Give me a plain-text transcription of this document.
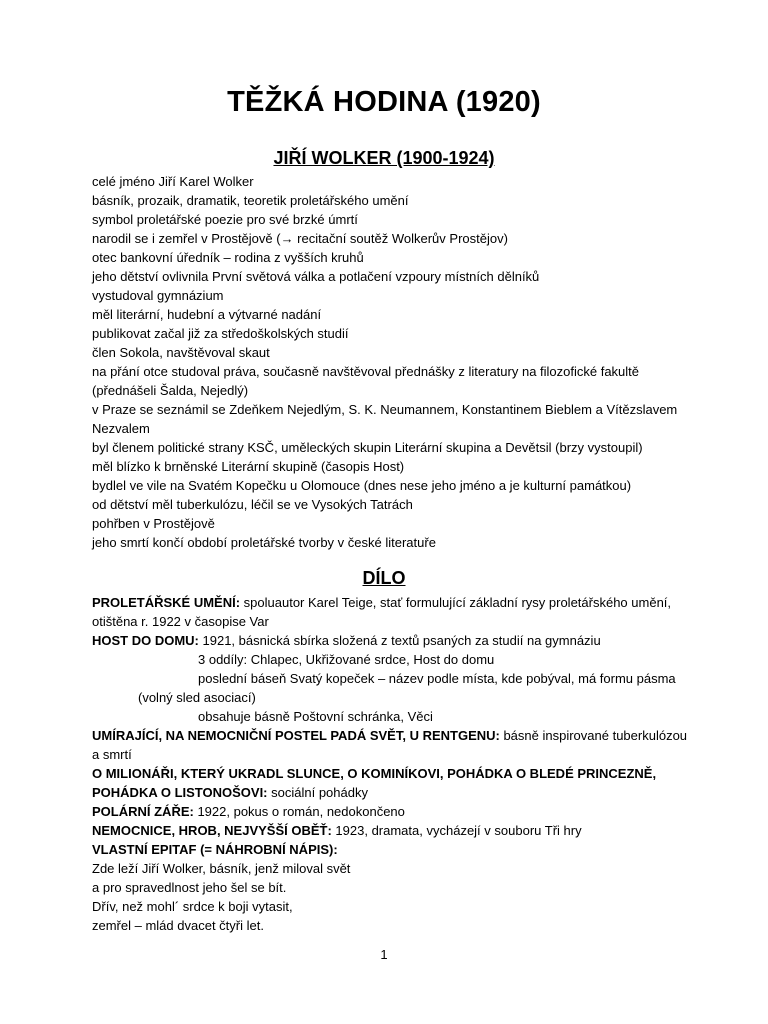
TĚŽKÁ HODINA (1920)
JIŘÍ WOLKER (1900-1924)
celé jméno Jiří Karel Wolker
básník, prozaik, dramatik, teoretik proletářského umění
symbol proletářské poezie pro své brzké úmrtí
narodil se i zemřel v Prostějově (→ recitační soutěž Wolkerův Prostějov)
otec bankovní úředník – rodina z vyšších kruhů
jeho dětství ovlivnila První světová válka a potlačení vzpoury místních dělníků
vystudoval gymnázium
měl literární, hudební a výtvarné nadání
publikovat začal již za středoškolských studií
člen Sokola, navštěvoval skaut
na přání otce studoval práva, současně navštěvoval přednášky z literatury na filozofické fakultě (přednášeli Šalda, Nejedlý)
v Praze se seznámil se Zdeňkem Nejedlým, S. K. Neumannem, Konstantinem Bieblem a Vítězslavem Nezvalem
byl členem politické strany KSČ, uměleckých skupin Literární skupina a Devětsil (brzy vystoupil)
měl blízko k brněnské Literární skupině (časopis Host)
bydlel ve vile na Svatém Kopečku u Olomouce (dnes nese jeho jméno a je kulturní památkou)
od dětství měl tuberkulózu, léčil se ve Vysokých Tatrách
pohřben v Prostějově
jeho smrtí končí období proletářské tvorby v české literatuře
DÍLO
PROLETÁŘSKÉ UMĚNÍ: spoluautor Karel Teige, stať formulující základní rysy proletářského umění, otištěna r. 1922 v časopise Var
HOST DO DOMU: 1921, básnická sbírka složená z textů psaných za studií na gymnáziu
3 oddíly: Chlapec, Ukřižované srdce, Host do domu
poslední báseň Svatý kopeček – název podle místa, kde pobýval, má formu pásma
(volný sled asociací)
obsahuje básně Poštovní schránka, Věci
UMÍRAJÍCÍ, NA NEMOCNIČNÍ POSTEL PADÁ SVĚT, U RENTGENU: básně inspirované tuberkulózou a smrtí
O MILIONÁŘI, KTERÝ UKRADL SLUNCE, O KOMINÍKOVI, POHÁDKA O BLEDÉ PRINCEZNĚ, POHÁDKA O LISTONOŠOVI: sociální pohádky
POLÁRNÍ ZÁŘE: 1922, pokus o román, nedokončeno
NEMOCNICE, HROB, NEJVYŠŠÍ OBĚŤ: 1923, dramata, vycházejí v souboru Tři hry
VLASTNÍ EPITAF (= NÁHROBNÍ NÁPIS):
Zde leží Jiří Wolker, básník, jenž miloval svět
a pro spravedlnost jeho šel se bít.
Dřív, než mohl´ srdce k boji vytasit,
zemřel – mlád dvacet čtyři let.
1
